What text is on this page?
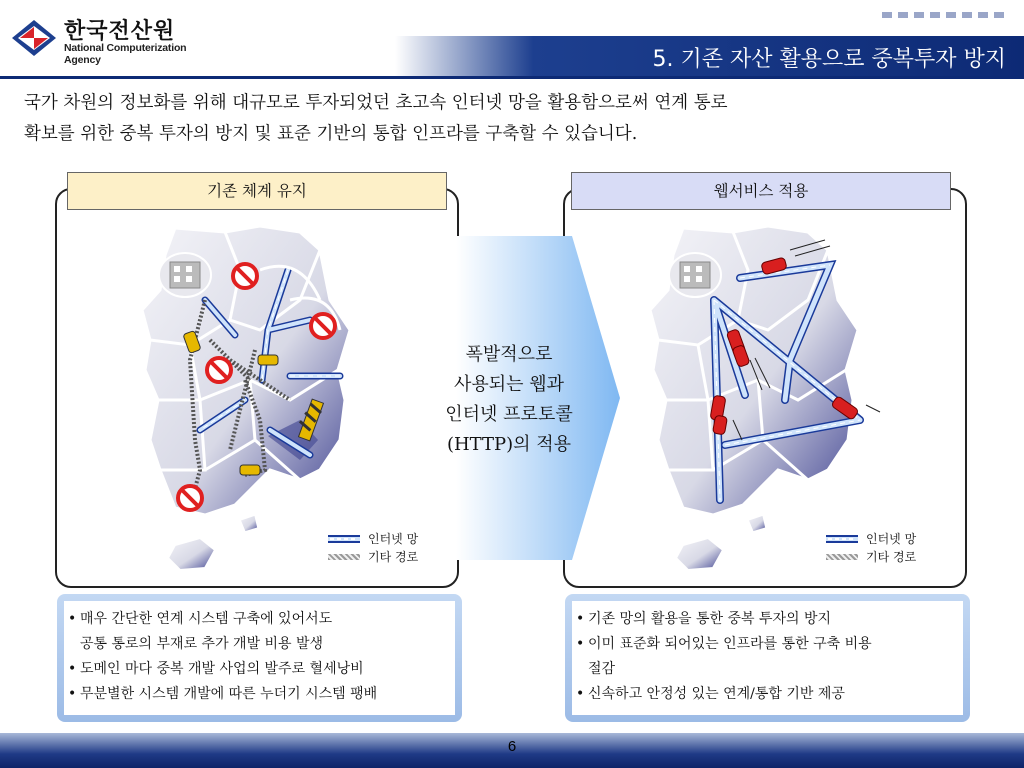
한국전산원
National Computerization Agency	5. 기존 자산 활용으로 중복투자 방지
국가 차원의 정보화를 위해 대규모로 투자되었던 초고속 인터넷 망을 활용함으로써 연계 통로
확보를 위한 중복 투자의 방지 및 표준 기반의 통합 인프라를 구축할 수 있습니다.
기존 체계 유지	웹서비스 적용
인터넷 망
기타 경로
인터넷 망
기타 경로
폭발적으로
사용되는 웹과
인터넷 프로토콜
(HTTP)의 적용
• 매우 간단한 연계 시스템 구축에 있어서도
공통 통로의 부재로 추가 개발 비용 발생
• 도메인 마다 중복 개발 사업의 발주로 혈세낭비
• 무분별한 시스템 개발에 따른 누더기 시스템 팽배
• 기존 망의 활용을 통한 중복 투자의 방지
• 이미 표준화 되어있는 인프라를 통한 구축 비용
절감
• 신속하고 안정성 있는 연계/통합 기반 제공
6
